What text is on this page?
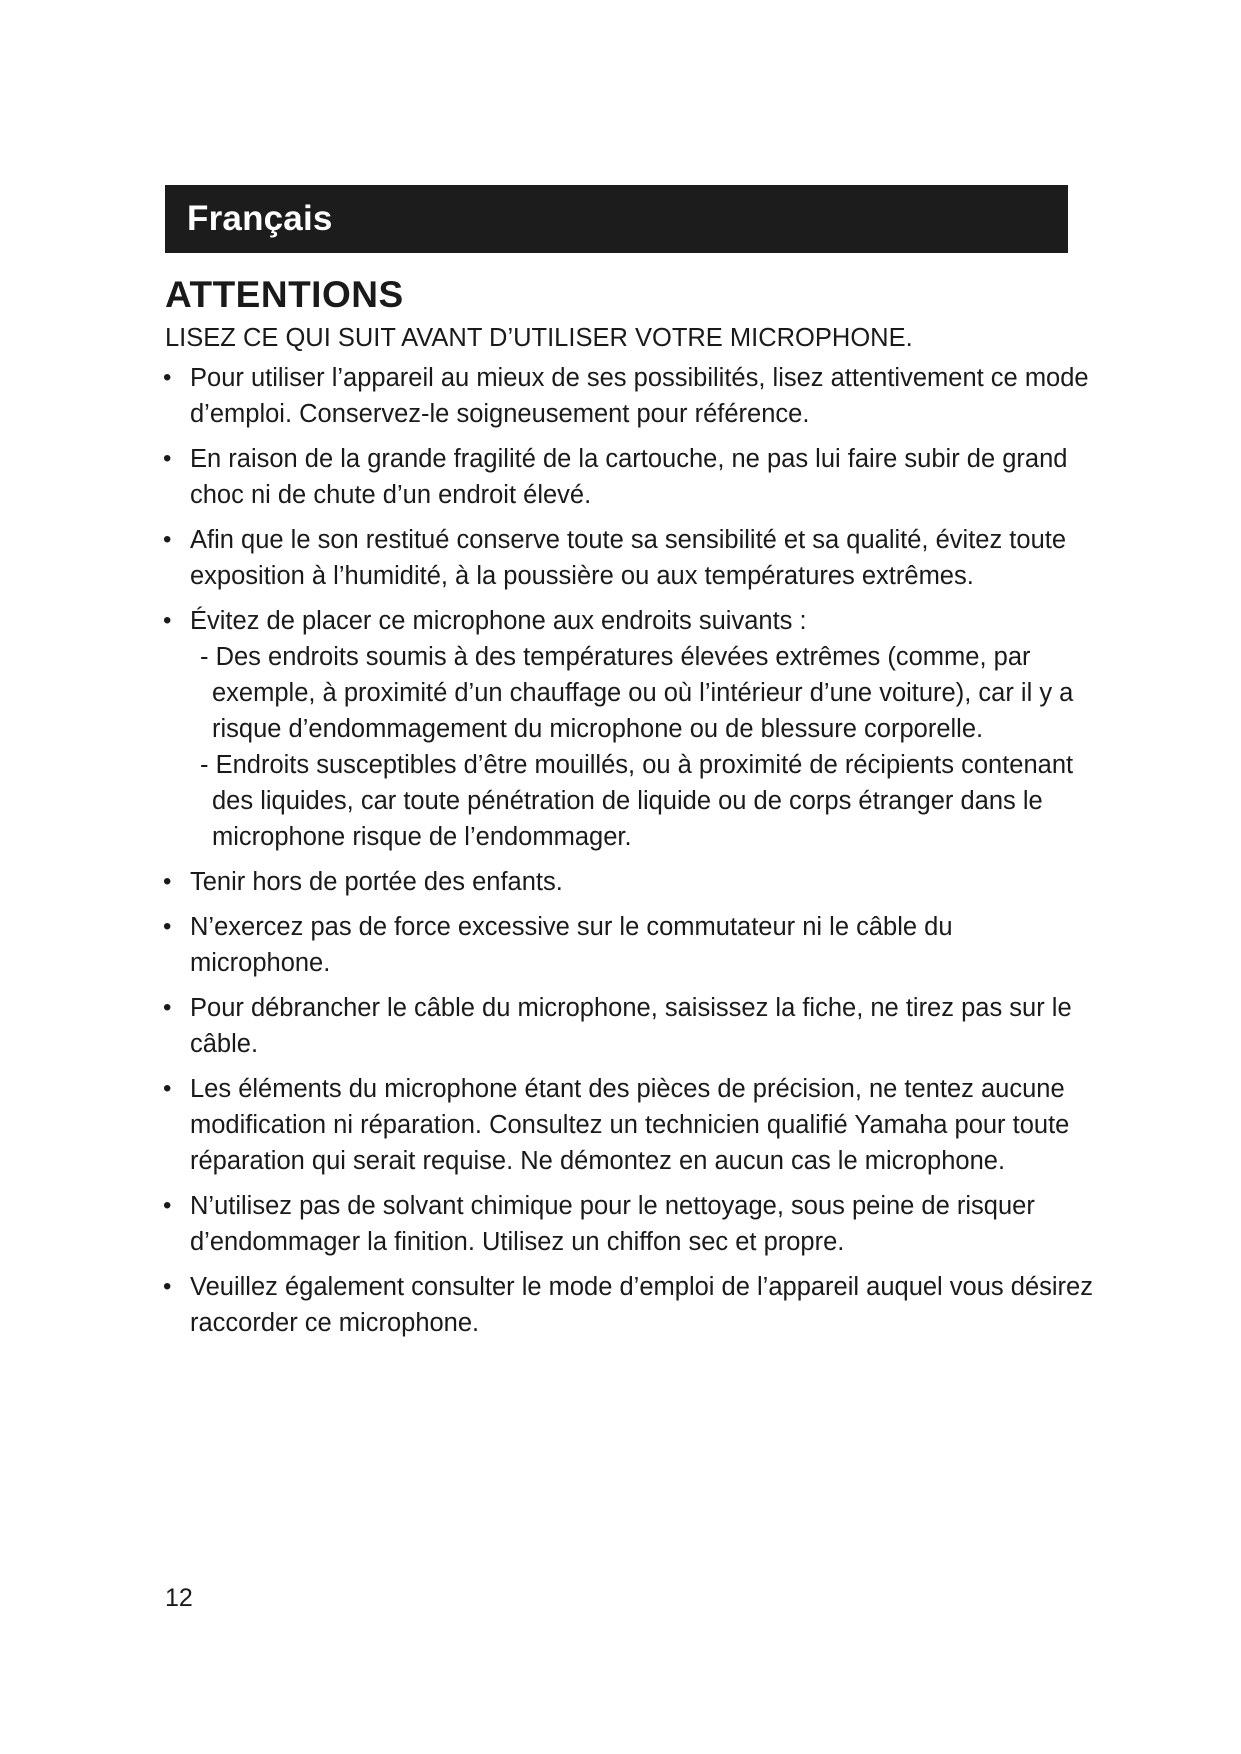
Français
ATTENTIONS

LISEZ CE QUI SUIT AVANT D’UTILISER VOTRE MICROPHONE.

• Pour utiliser l’appareil au mieux de ses possibilités, lisez attentivement ce mode d’emploi. Conservez-le soigneusement pour référence.
• En raison de la grande fragilité de la cartouche, ne pas lui faire subir de grand choc ni de chute d’un endroit élevé.
• Afin que le son restitué conserve toute sa sensibilité et sa qualité, évitez toute exposition à l’humidité, à la poussière ou aux températures extrêmes.
• Évitez de placer ce microphone aux endroits suivants :
- Des endroits soumis à des températures élevées extrêmes (comme, par exemple, à proximité d’un chauffage ou où l’intérieur d’une voiture), car il y a risque d’endommagement du microphone ou de blessure corporelle.
- Endroits susceptibles d’être mouillés, ou à proximité de récipients contenant des liquides, car toute pénétration de liquide ou de corps étranger dans le microphone risque de l’endommager.
• Tenir hors de portée des enfants.
• N’exercez pas de force excessive sur le commutateur ni le câble du microphone.
• Pour débrancher le câble du microphone, saisissez la fiche, ne tirez pas sur le câble.
• Les éléments du microphone étant des pièces de précision, ne tentez aucune modification ni réparation. Consultez un technicien qualifié Yamaha pour toute réparation qui serait requise. Ne démontez en aucun cas le microphone.
• N’utilisez pas de solvant chimique pour le nettoyage, sous peine de risquer d’endommager la finition. Utilisez un chiffon sec et propre.
• Veuillez également consulter le mode d’emploi de l’appareil auquel vous désirez raccorder ce microphone.
12
